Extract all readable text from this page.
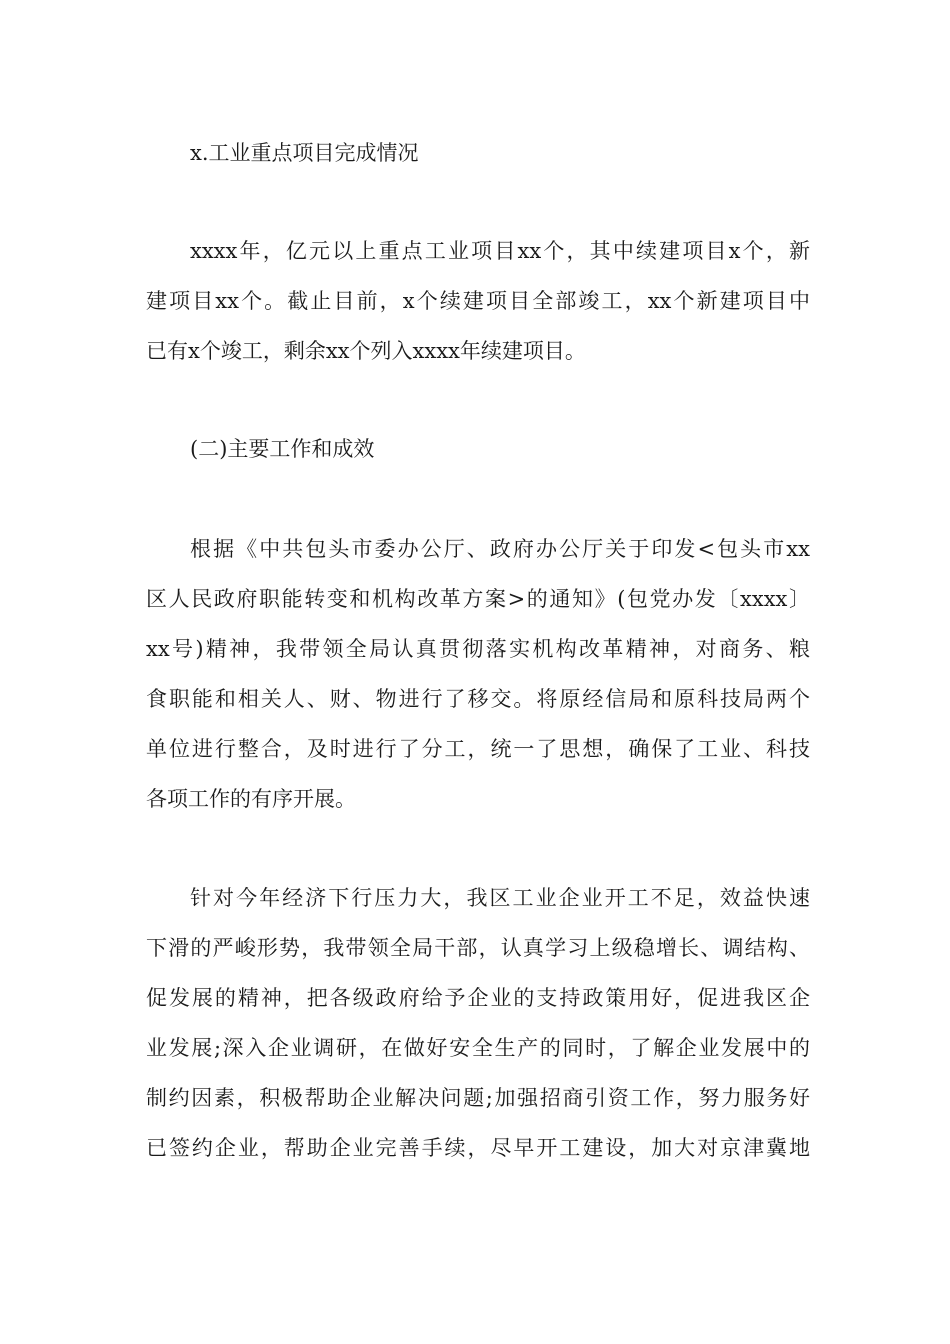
x.工业重点项目完成情况
xxxx年，亿元以上重点工业项目xx个，其中续建项目x个，新
建项目xx个。截止目前，x个续建项目全部竣工，xx个新建项目中
已有x个竣工，剩余xx个列入xxxx年续建项目。
(二)主要工作和成效
根据《中共包头市委办公厅、政府办公厅关于印发<包头市xx
区人民政府职能转变和机构改革方案>的通知》(包党办发〔xxxx〕
xx号)精神，我带领全局认真贯彻落实机构改革精神，对商务、粮
食职能和相关人、财、物进行了移交。将原经信局和原科技局两个
单位进行整合，及时进行了分工，统一了思想，确保了工业、科技
各项工作的有序开展。
针对今年经济下行压力大，我区工业企业开工不足，效益快速
下滑的严峻形势，我带领全局干部，认真学习上级稳增长、调结构、
促发展的精神，把各级政府给予企业的支持政策用好，促进我区企
业发展;深入企业调研，在做好安全生产的同时，了解企业发展中的
制约因素，积极帮助企业解决问题;加强招商引资工作，努力服务好
已签约企业，帮助企业完善手续，尽早开工建设，加大对京津冀地
